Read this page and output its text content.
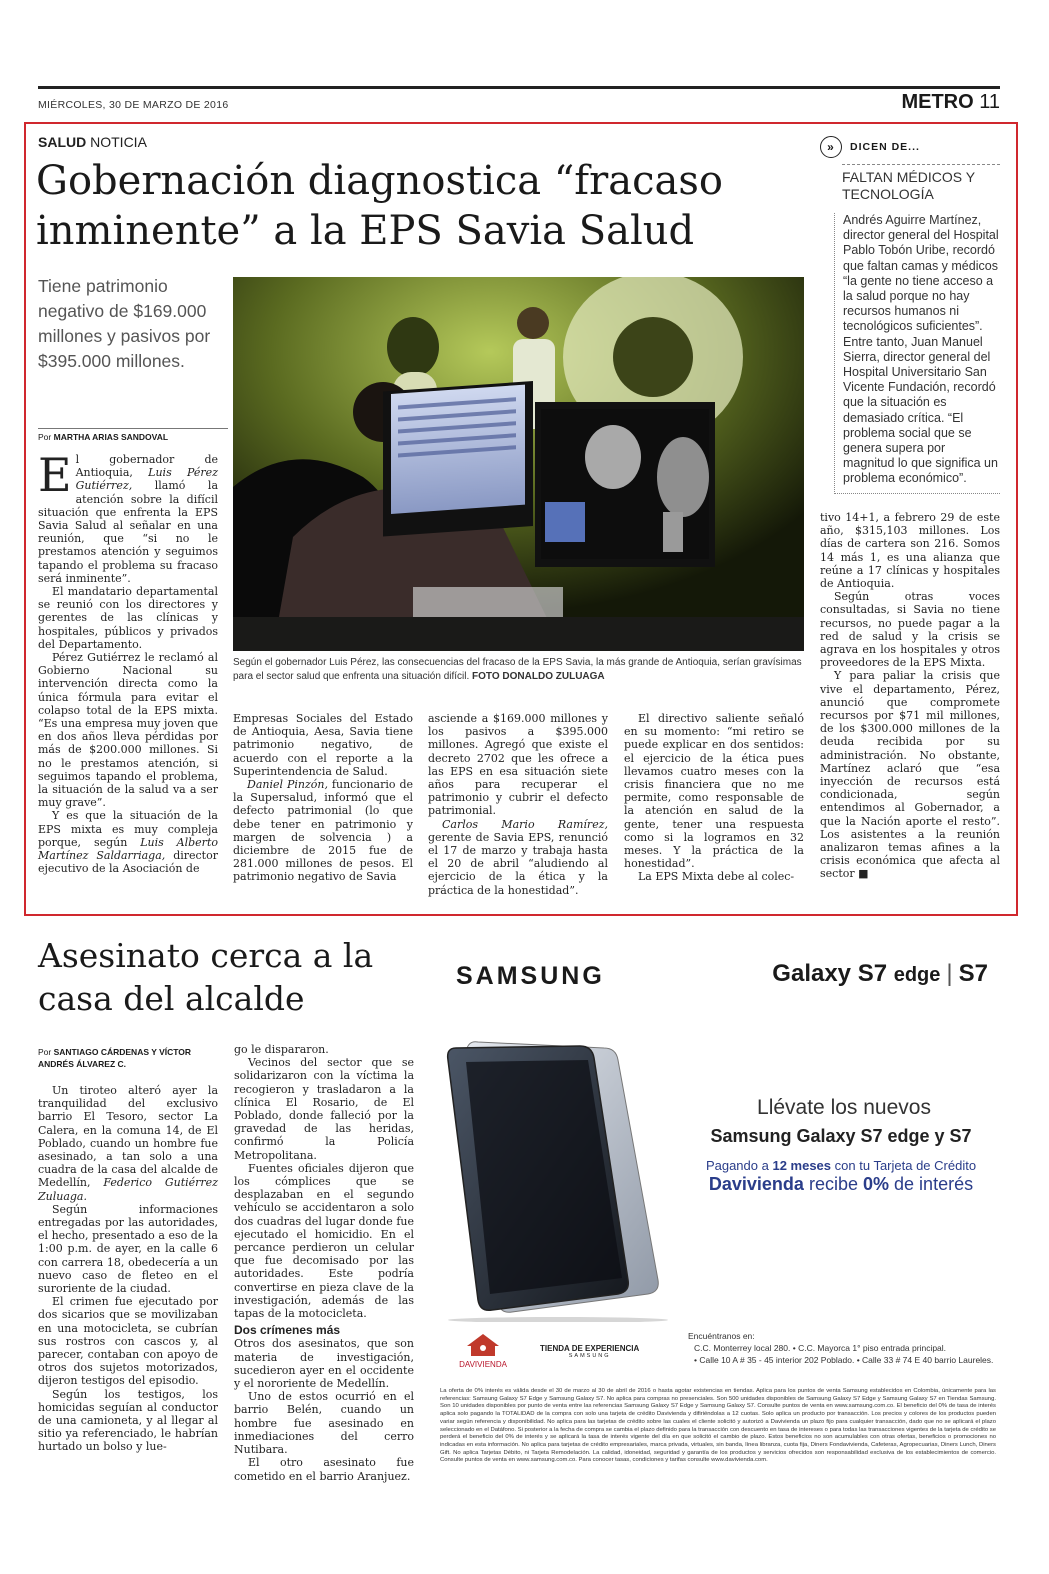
MIÉRCOLES, 30 DE MARZO DE 2016	METRO 11
SALUD NOTICIA
Gobernación diagnostica “fracaso inminente” a la EPS Savia Salud
Tiene patrimonio negativo de $169.000 millones y pasivos por $395.000 millones.
Por MARTHA ARIAS SANDOVAL
Según el gobernador Luis Pérez, las consecuencias del fracaso de la EPS Savia, la más grande de Antioquia, serían gravísimas para el sector salud que enfrenta una situación difícil. FOTO DONALDO ZULUAGA

El gobernador de Antioquia, Luis Pérez Gutiérrez, llamó la atención sobre la difícil situación que enfrenta la EPS Savia Salud al señalar en una reunión, que “si no le prestamos atención y seguimos tapando el problema su fracaso será inminente”.

El mandatario departamental se reunió con los directores y gerentes de las clínicas y hospitales, públicos y privados del Departamento.

Pérez Gutiérrez le reclamó al Gobierno Nacional su intervención directa como la única fórmula para evitar el colapso total de la EPS mixta. “Es una empresa muy joven que en dos años lleva pérdidas por más de $200.000 millones. Si no le prestamos atención, si seguimos tapando el problema, la situación de la salud va a ser muy grave”.

Y es que la situación de la EPS mixta es muy compleja porque, según Luis Alberto Martínez Saldarriaga, director ejecutivo de la Asociación de

Empresas Sociales del Estado de Antioquia, Aesa, Savia tiene patrimonio negativo, de acuerdo con el reporte a la Superintendencia de Salud.

Daniel Pinzón, funcionario de la Supersalud, informó que el defecto patrimonial (lo que debe tener en patrimonio y margen de solvencia ) a diciembre de 2015 fue de 281.000 millones de pesos. El patrimonio negativo de Savia

asciende a $169.000 millones y los pasivos a $395.000 millones. Agregó que existe el decreto 2702 que les ofrece a las EPS en esa situación siete años para recuperar el patrimonio y cubrir el defecto patrimonial.

Carlos Mario Ramírez, gerente de Savia EPS, renunció el 17 de marzo y trabaja hasta el 20 de abril “aludiendo al ejercicio de la ética y la práctica de la honestidad”.

El directivo saliente señaló en su momento: “mi retiro se puede explicar en dos sentidos: el ejercicio de la ética pues llevamos cuatro meses con la crisis financiera que no me permite, como responsable de la atención en salud de la gente, tener una respuesta como si la logramos en 32 meses. Y la práctica de la honestidad”.

La EPS Mixta debe al colec-

tivo 14+1, a febrero 29 de este año, $315,103 millones. Los días de cartera son 216. Somos 14 más 1, es una alianza que reúne a 17 clínicas y hospitales de Antioquia.

Según otras voces consultadas, si Savia no tiene recursos, no puede pagar a la red de salud y la crisis se agrava en los hospitales y otros proveedores de la EPS Mixta.

Y para paliar la crisis que vive el departamento, Pérez, anunció que compromete recursos por $71 mil millones, de los $300.000 millones de la deuda recibida por su administración. No obstante, Martínez aclaró que “esa inyección de recursos está condicionada, según entendimos al Gobernador, a que la Nación aporte el resto”. Los asistentes a la reunión analizaron temas afines a la crisis económica que afecta al sector ■

»	DICEN DE...
FALTAN MÉDICOS Y TECNOLOGÍA
Andrés Aguirre Martínez, director general del Hospital Pablo Tobón Uribe, recordó que faltan camas y médicos “la gente no tiene acceso a la salud porque no hay recursos humanos ni tecnológicos suficientes”. Entre tanto, Juan Manuel Sierra, director general del Hospital Universitario San Vicente Fundación, recordó que la situación es demasiado crítica. “El problema social que se genera supera por magnitud lo que significa un problema económico”.
Asesinato cerca a la casa del alcalde
Por SANTIAGO CÁRDENAS Y VÍCTOR ANDRÉS ÁLVAREZ C.

Un tiroteo alteró ayer la tranquilidad del exclusivo barrio El Tesoro, sector La Calera, en la comuna 14, de El Poblado, cuando un hombre fue asesinado, a tan solo a una cuadra de la casa del alcalde de Medellín, Federico Gutiérrez Zuluaga.

Según informaciones entregadas por las autoridades, el hecho, presentado a eso de la 1:00 p.m. de ayer, en la calle 6 con carrera 18, obedecería a un nuevo caso de fleteo en el suroriente de la ciudad.

El crimen fue ejecutado por dos sicarios que se movilizaban en una motocicleta, se cubrían sus rostros con cascos y, al parecer, contaban con apoyo de otros dos sujetos motorizados, dijeron testigos del episodio.

Según los testigos, los homicidas seguían al conductor de una camioneta, y al llegar al sitio ya referenciado, le habrían hurtado un bolso y lue-

go le dispararon.

Vecinos del sector que se solidarizaron con la víctima la recogieron y trasladaron a la clínica El Rosario, de El Poblado, donde falleció por la gravedad de las heridas, confirmó la Policía Metropolitana.

Fuentes oficiales dijeron que los cómplices que se desplazaban en el segundo vehículo se accidentaron a solo dos cuadras del lugar donde fue ejecutado el homicidio. En el percance perdieron un celular que fue decomisado por las autoridades. Este podría convertirse en pieza clave de la investigación, además de las tapas de la motocicleta.

Dos crímenes más

Otros dos asesinatos, que son materia de investigación, sucedieron ayer en el occidente y el nororiente de Medellín.

Uno de estos ocurrió en el barrio Belén, cuando un hombre fue asesinado en inmediaciones del cerro Nutibara.

El otro asesinato fue cometido en el barrio Aranjuez.

SAMSUNG	Galaxy S7 edge | S7
Llévate los nuevos
Samsung Galaxy S7 edge y S7
Pagando a 12 meses con tu Tarjeta de Crédito
Davivienda recibe 0% de interés
DAVIVIENDA
TIENDA DE EXPERIENCIA
SAMSUNG
Encuéntranos en:
C.C. Monterrey local 280. • C.C. Mayorca 1° piso entrada principal.
• Calle 10 A # 35 - 45 interior 202 Poblado. • Calle 33 # 74 E 40 barrio Laureles.
La oferta de 0% interés es válida desde el 30 de marzo al 30 de abril de 2016 o hasta agotar existencias en tiendas. Aplica para los puntos de venta Samsung establecidos en Colombia, únicamente para las referencias: Samsung Galaxy S7 Edge y Samsung Galaxy S7. No aplica para compras no presenciales. Son 500 unidades disponibles de Samsung Galaxy S7 Edge y Samsung Galaxy S7 en Tiendas Samsung. Son 10 unidades disponibles por punto de venta entre las referencias Samsung Galaxy S7 Edge y Samsung Galaxy S7. Consulte puntos de venta en www.samsung.com.co. El beneficio del 0% de tasa de interés aplica solo pagando la TOTALIDAD de la compra con solo una tarjeta de crédito Davivienda y difiriéndolas a 12 cuotas. Solo aplica un producto por transacción. Los precios y colores de los productos pueden variar según referencia y disponibilidad. No aplica para las tarjetas de crédito sobre las cuales el cliente solicitó y autorizó a Davivienda un plazo fijo para cualquier transacción, dado que no se aplicará el plazo seleccionado en el Datáfono. Si posterior a la fecha de compra se cambia el plazo definido para la transacción con descuento en tasa de intereses o para todas las transacciones vigentes de la tarjeta de crédito se perderá el beneficio del 0% de interés y se aplicará la tasa de interés vigente del día en que solicitó el cambio de plazo. Estos beneficios no son acumulables con otras ofertas, beneficios o promociones no indicadas en esta información. No aplica para tarjetas de crédito empresariales, marca privada, virtuales, sin banda, línea libranza, cuota fija, Diners Fondavivienda, Cafeteras, Agropecuarias, Diners Lunch, Diners Gift. No aplica Tarjetas Débito, ni Tarjeta Remodelación. La calidad, idoneidad, seguridad y garantía de los productos y servicios ofrecidos son responsabilidad exclusiva de los establecimientos de comercio. Consulte puntos de venta en www.samsung.com.co. Para conocer tasas, condiciones y tarifas consulte www.davivienda.com.
